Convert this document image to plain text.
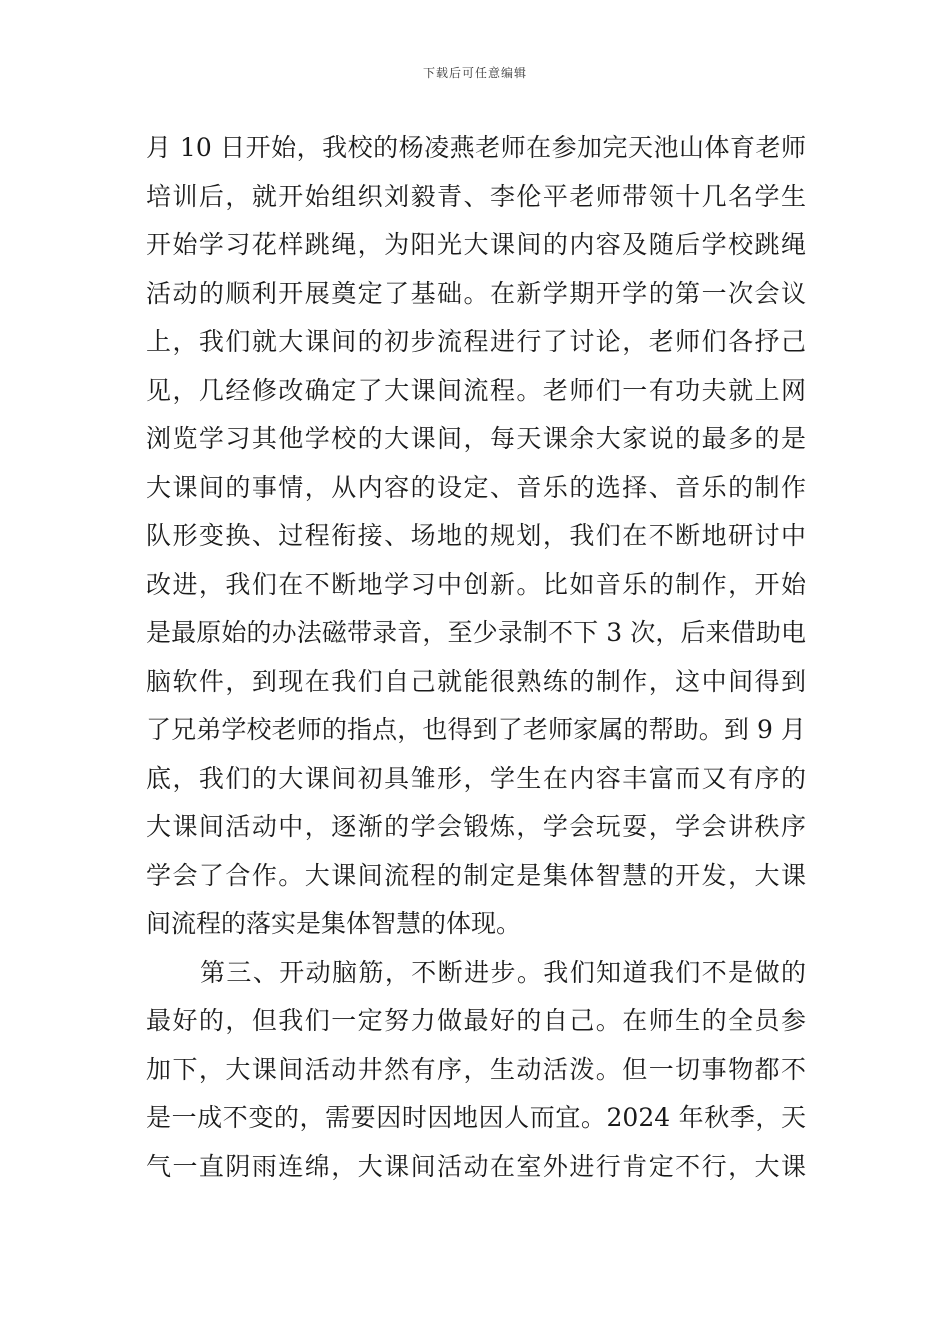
下载后可任意编辑

月 10 日开始，我校的杨凌燕老师在参加完天池山体育老师

培训后，就开始组织刘毅青、李伦平老师带领十几名学生

开始学习花样跳绳，为阳光大课间的内容及随后学校跳绳

活动的顺利开展奠定了基础。在新学期开学的第一次会议

上，我们就大课间的初步流程进行了讨论，老师们各抒己

见，几经修改确定了大课间流程。老师们一有功夫就上网

浏览学习其他学校的大课间，每天课余大家说的最多的是

大课间的事情，从内容的设定、音乐的选择、音乐的制作

队形变换、过程衔接、场地的规划，我们在不断地研讨中

改进，我们在不断地学习中创新。比如音乐的制作，开始

是最原始的办法磁带录音，至少录制不下 3 次，后来借助电

脑软件，到现在我们自己就能很熟练的制作，这中间得到

了兄弟学校老师的指点，也得到了老师家属的帮助。到 9 月

底，我们的大课间初具雏形，学生在内容丰富而又有序的

大课间活动中，逐渐的学会锻炼，学会玩耍，学会讲秩序

学会了合作。大课间流程的制定是集体智慧的开发，大课

间流程的落实是集体智慧的体现。

第三、开动脑筋，不断进步。我们知道我们不是做的

最好的，但我们一定努力做最好的自己。在师生的全员参

加下，大课间活动井然有序，生动活泼。但一切事物都不

是一成不变的，需要因时因地因人而宜。2024 年秋季，天

气一直阴雨连绵，大课间活动在室外进行肯定不行，大课
